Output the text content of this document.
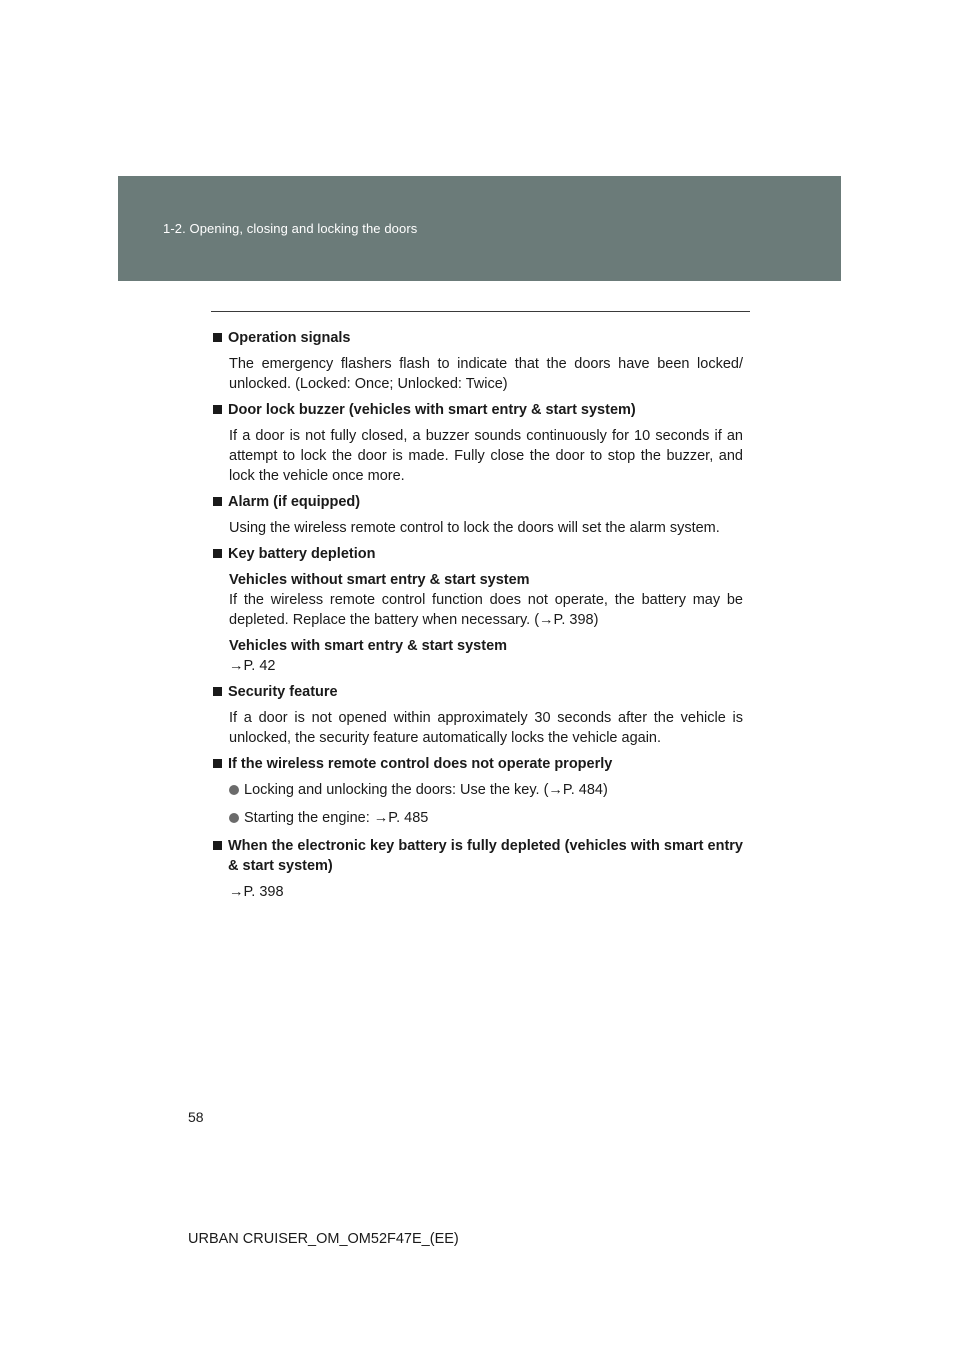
1-2. Opening, closing and locking the doors
Operation signals
The emergency flashers flash to indicate that the doors have been locked/ unlocked. (Locked: Once; Unlocked: Twice)
Door lock buzzer (vehicles with smart entry & start system)
If a door is not fully closed, a buzzer sounds continuously for 10 seconds if an attempt to lock the door is made. Fully close the door to stop the buzzer, and lock the vehicle once more.
Alarm (if equipped)
Using the wireless remote control to lock the doors will set the alarm system.
Key battery depletion
Vehicles without smart entry & start system
If the wireless remote control function does not operate, the battery may be depleted. Replace the battery when necessary. (→P. 398)
Vehicles with smart entry & start system
→P. 42
Security feature
If a door is not opened within approximately 30 seconds after the vehicle is unlocked, the security feature automatically locks the vehicle again.
If the wireless remote control does not operate properly
Locking and unlocking the doors: Use the key. (→P. 484)
Starting the engine: →P. 485
When the electronic key battery is fully depleted (vehicles with smart entry & start system)
→P. 398
58
URBAN CRUISER_OM_OM52F47E_(EE)
